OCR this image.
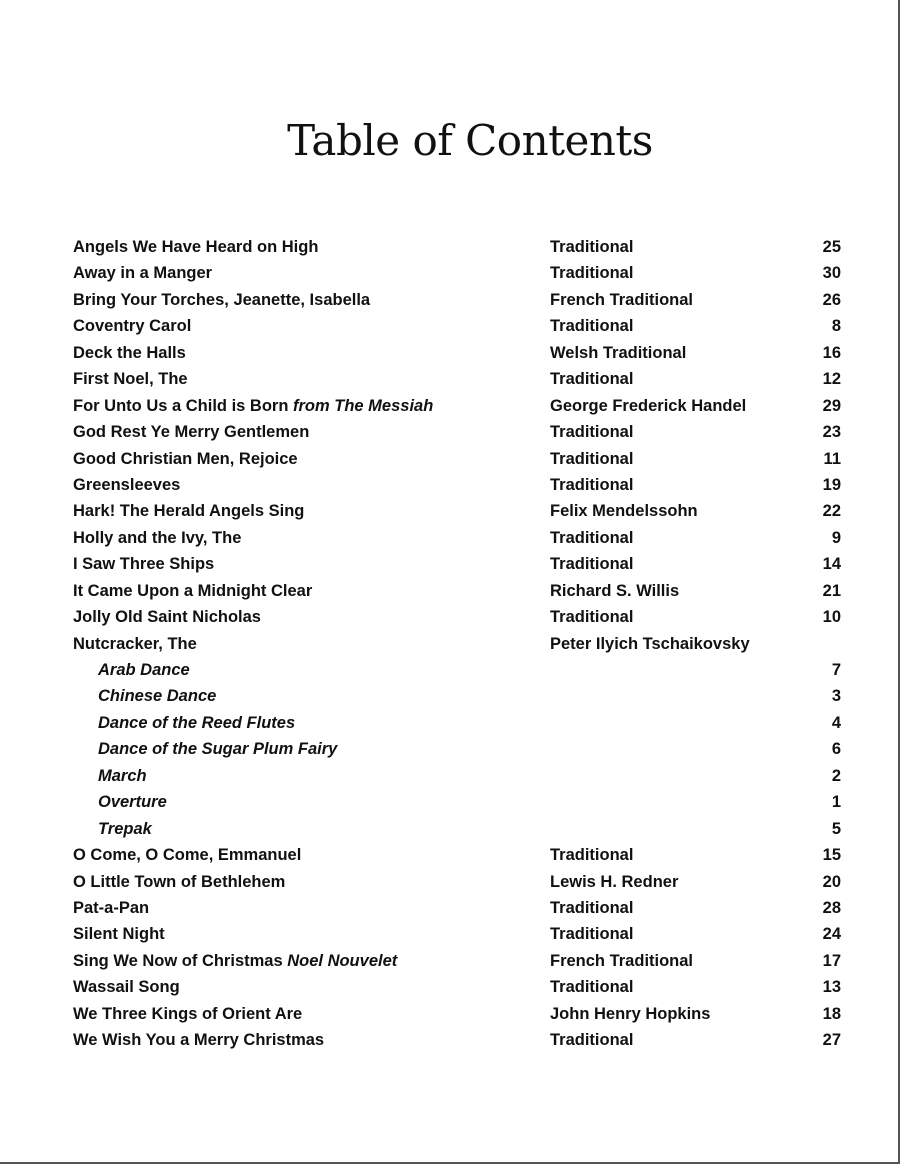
Table of Contents
Angels We Have Heard on High	Traditional	25
Away in a Manger	Traditional	30
Bring Your Torches, Jeanette, Isabella	French Traditional	26
Coventry Carol	Traditional	8
Deck the Halls	Welsh Traditional	16
First Noel, The	Traditional	12
For Unto Us a Child is Born from The Messiah	George Frederick Handel	29
God Rest Ye Merry Gentlemen	Traditional	23
Good Christian Men, Rejoice	Traditional	11
Greensleeves	Traditional	19
Hark! The Herald Angels Sing	Felix Mendelssohn	22
Holly and the Ivy, The	Traditional	9
I Saw Three Ships	Traditional	14
It Came Upon a Midnight Clear	Richard S. Willis	21
Jolly Old Saint Nicholas	Traditional	10
Nutcracker, The	Peter Ilyich Tschaikovsky
Arab Dance	7
Chinese Dance	3
Dance of the Reed Flutes	4
Dance of the Sugar Plum Fairy	6
March	2
Overture	1
Trepak	5
O Come, O Come, Emmanuel	Traditional	15
O Little Town of Bethlehem	Lewis H. Redner	20
Pat-a-Pan	Traditional	28
Silent Night	Traditional	24
Sing We Now of Christmas Noel Nouvelet	French Traditional	17
Wassail Song	Traditional	13
We Three Kings of Orient Are	John Henry Hopkins	18
We Wish You a Merry Christmas	Traditional	27
